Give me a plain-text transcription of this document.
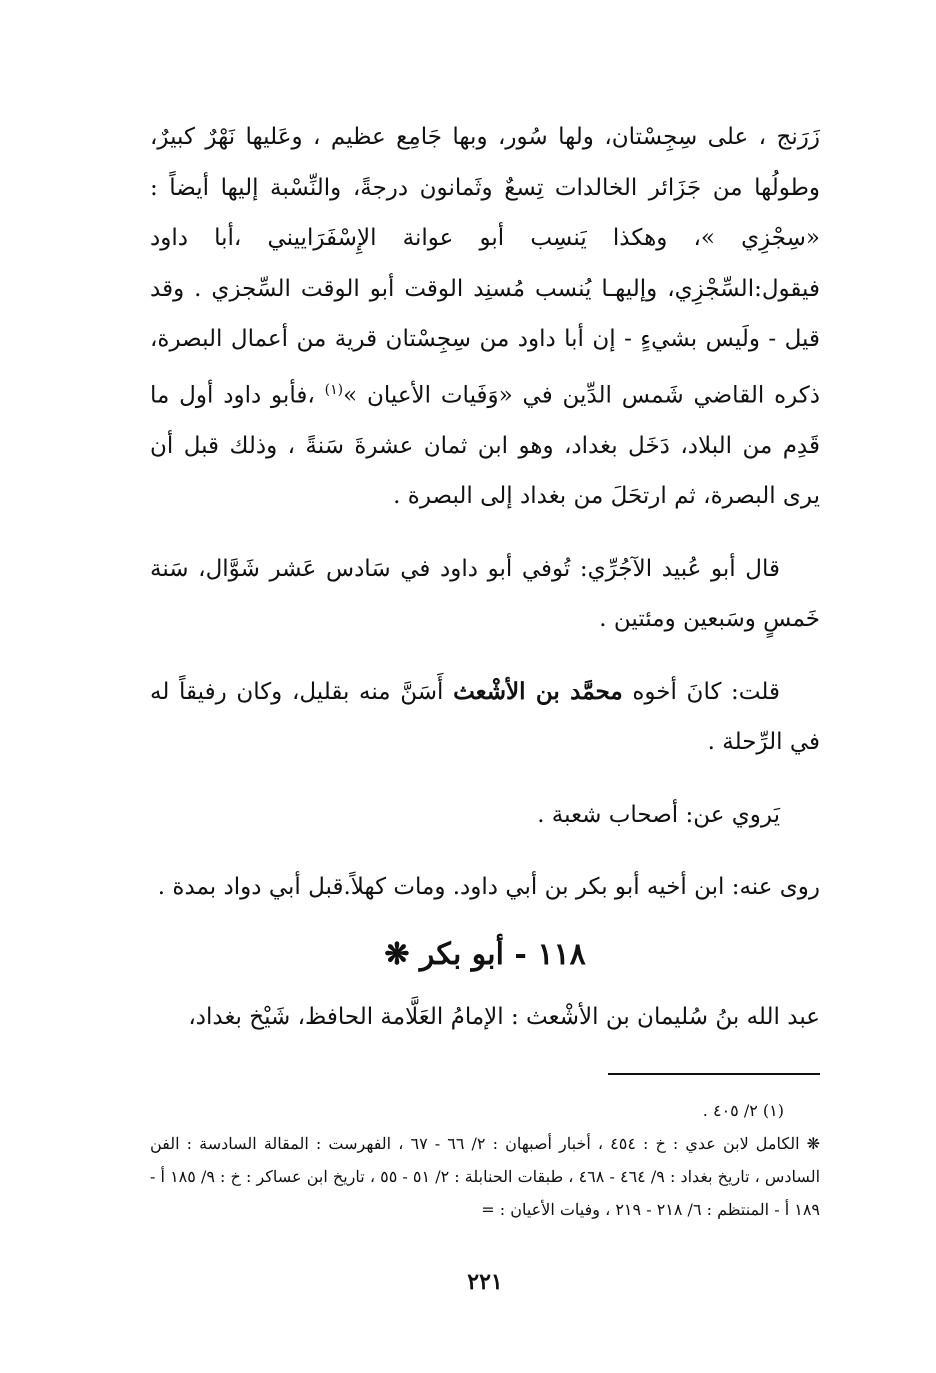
زَرَنج ، على سِجِسْتان، ولها سُور، وبها جَامِع عظيم ، وعَليها نَهْرٌ كبيرٌ، وطولُها من جَزَائر الخالدات تِسعٌ وثَمانون درجةً، والنِّسْبة إليها أيضاً : «سِجْزِي »، وهكذا يَنسِب أبو عوانة الإِسْفَرَاييني ،أبا داود فيقول:السِّجْزِي، وإليهـا يُنسب مُسنِد الوقت أبو الوقت السِّجزي . وقد قيل - ولَيس بشيءٍ - إن أبا داود من سِجِسْتان قرية من أعمال البصرة، ذكره القاضي شَمس الدِّين في «وَفَيات الأعيان »$^{(١)}$ ،فأبو داود أول ما قَدِم من البلاد، دَخَل بغداد، وهو ابن ثمان عشرةَ سَنةً ، وذلك قبل أن يرى البصرة، ثم ارتحَلَ من بغداد إلى البصرة .

قال أبو عُبيد الآجُرِّي: تُوفي أبو داود في سَادس عَشر شَوَّال، سَنة خَمسٍ وسَبعين ومئتين .

قلت: كانَ أخوه محمَّد بن الأشْعث أَسَنَّ منه بقليل، وكان رفيقاً له في الرِّحلة .

يَروي عن: أصحاب شعبة .

روى عنه: ابن أخيه أبو بكر بن أبي داود. ومات كهلاً.قبل أبي دواد بمدة .

١١٨ - أبو بكر ❋
عبد الله بنُ سُليمان بن الأشْعث : الإمامُ العَلَّامة الحافظ، شَيْخ بغداد،

(١) ٢/ ٤٠٥ .

❋ الكامل لابن عدي : خ : ٤٥٤ ، أخبار أصبهان : ٢/ ٦٦ - ٦٧ ، الفهرست : المقالة السادسة : الفن السادس ، تاريخ بغداد : ٩/ ٤٦٤ - ٤٦٨ ، طبقات الحنابلة : ٢/ ٥١ - ٥٥ ، تاريخ ابن عساكر : خ : ٩/ ١٨٥ أ - ١٨٩ أ - المنتظم : ٦/ ٢١٨ - ٢١٩ ، وفيات الأعيان : =

٢٢١
